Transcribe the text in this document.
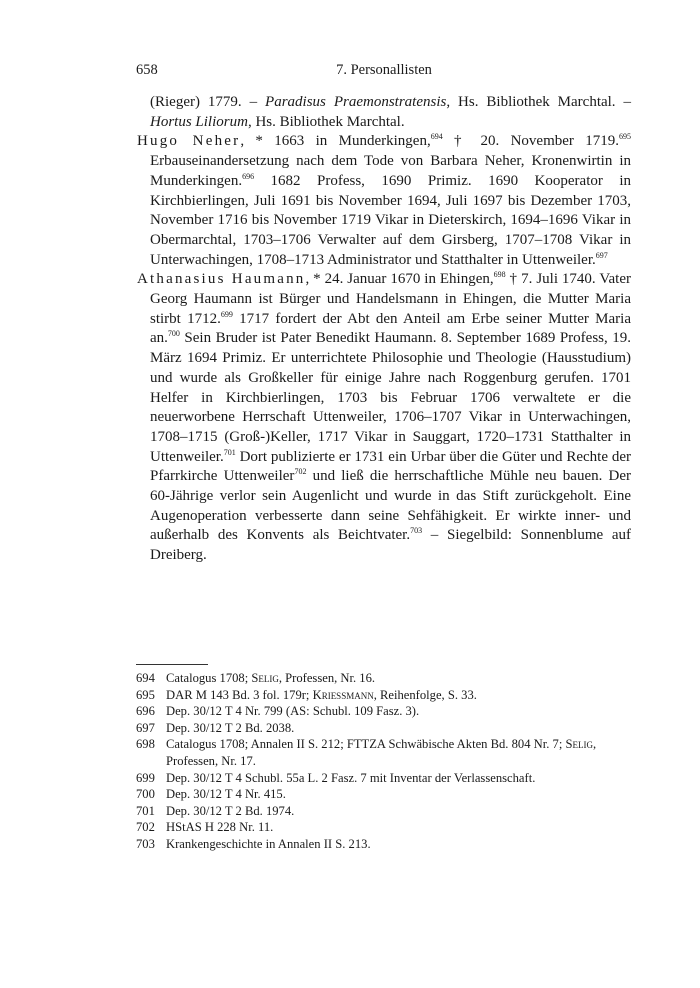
658	7. Personallisten

(Rieger) 1779. – Paradisus Praemonstratensis, Hs. Bibliothek Marchtal. – Hortus Liliorum, Hs. Bibliothek Marchtal.

Hugo Neher, * 1663 in Munderkingen,$^{694}$ † 20. November 1719.$^{695}$ Erbauseinandersetzung nach dem Tode von Barbara Neher, Kronenwirtin in Munderkingen.$^{696}$ 1682 Profess, 1690 Primiz. 1690 Kooperator in Kirchbierlingen, Juli 1691 bis November 1694, Juli 1697 bis Dezember 1703, November 1716 bis November 1719 Vikar in Dieterskirch, 1694–1696 Vikar in Obermarchtal, 1703–1706 Verwalter auf dem Girsberg, 1707–1708 Vikar in Unterwachingen, 1708–1713 Administrator und Statthalter in Uttenweiler.$^{697}$

Athanasius Haumann, * 24. Januar 1670 in Ehingen,$^{698}$ † 7. Juli 1740. Vater Georg Haumann ist Bürger und Handelsmann in Ehingen, die Mutter Maria stirbt 1712.$^{699}$ 1717 fordert der Abt den Anteil am Erbe seiner Mutter Maria an.$^{700}$ Sein Bruder ist Pater Benedikt Haumann. 8. September 1689 Profess, 19. März 1694 Primiz. Er unterrichtete Philosophie und Theologie (Hausstudium) und wurde als Großkeller für einige Jahre nach Roggenburg gerufen. 1701 Helfer in Kirchbierlingen, 1703 bis Februar 1706 verwaltete er die neuerworbene Herrschaft Uttenweiler, 1706–1707 Vikar in Unterwachingen, 1708–1715 (Groß-)Keller, 1717 Vikar in Sauggart, 1720–1731 Statthalter in Uttenweiler.$^{701}$ Dort publizierte er 1731 ein Urbar über die Güter und Rechte der Pfarrkirche Uttenweiler$^{702}$ und ließ die herrschaftliche Mühle neu bauen. Der 60-Jährige verlor sein Augenlicht und wurde in das Stift zurückgeholt. Eine Augenoperation verbesserte dann seine Sehfähigkeit. Er wirkte inner- und außerhalb des Konvents als Beichtvater.$^{703}$ – Siegelbild: Sonnenblume auf Dreiberg.

694 Catalogus 1708; Selig, Professen, Nr. 16.
695 DAR M 143 Bd. 3 fol. 179r; Kriessmann, Reihenfolge, S. 33.
696 Dep. 30/12 T 4 Nr. 799 (AS: Schubl. 109 Fasz. 3).
697 Dep. 30/12 T 2 Bd. 2038.
698 Catalogus 1708; Annalen II S. 212; FTTZA Schwäbische Akten Bd. 804 Nr. 7; Selig, Professen, Nr. 17.
699 Dep. 30/12 T 4 Schubl. 55a L. 2 Fasz. 7 mit Inventar der Verlassenschaft.
700 Dep. 30/12 T 4 Nr. 415.
701 Dep. 30/12 T 2 Bd. 1974.
702 HStAS H 228 Nr. 11.
703 Krankengeschichte in Annalen II S. 213.
